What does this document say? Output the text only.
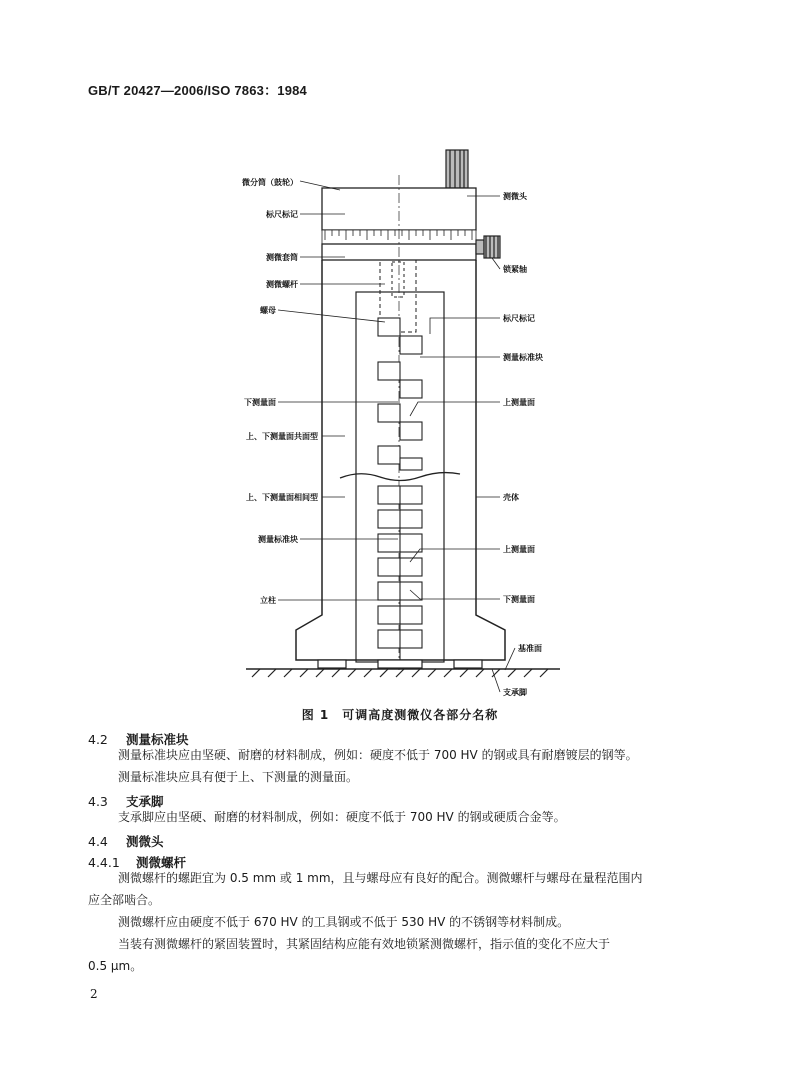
GB/T 20427—2006/ISO 7863：1984
微分筒（鼓轮）
标尺标记
测微套筒
测微螺杆
螺母
下测量面
上、下测量面共面型
上、下测量面相间型
测量标准块
立柱
测微头
锁紧轴
标尺标记
测量标准块
上测量面
壳体
上测量面
下测量面
基准面
支承脚
图 1　可调高度测微仪各部分名称
4.2 测量标准块
测量标准块应由坚硬、耐磨的材料制成，例如：硬度不低于 700 HV 的钢或具有耐磨镀层的钢等。
测量标准块应具有便于上、下测量的测量面。
4.3 支承脚
支承脚应由坚硬、耐磨的材料制成，例如：硬度不低于 700 HV 的钢或硬质合金等。
4.4 测微头
4.4.1 测微螺杆
测微螺杆的螺距宜为 0.5 mm 或 1 mm，且与螺母应有良好的配合。测微螺杆与螺母在量程范围内
应全部啮合。
测微螺杆应由硬度不低于 670 HV 的工具钢或不低于 530 HV 的不锈钢等材料制成。
当装有测微螺杆的紧固装置时，其紧固结构应能有效地锁紧测微螺杆，指示值的变化不应大于
0.5 μm。
2
